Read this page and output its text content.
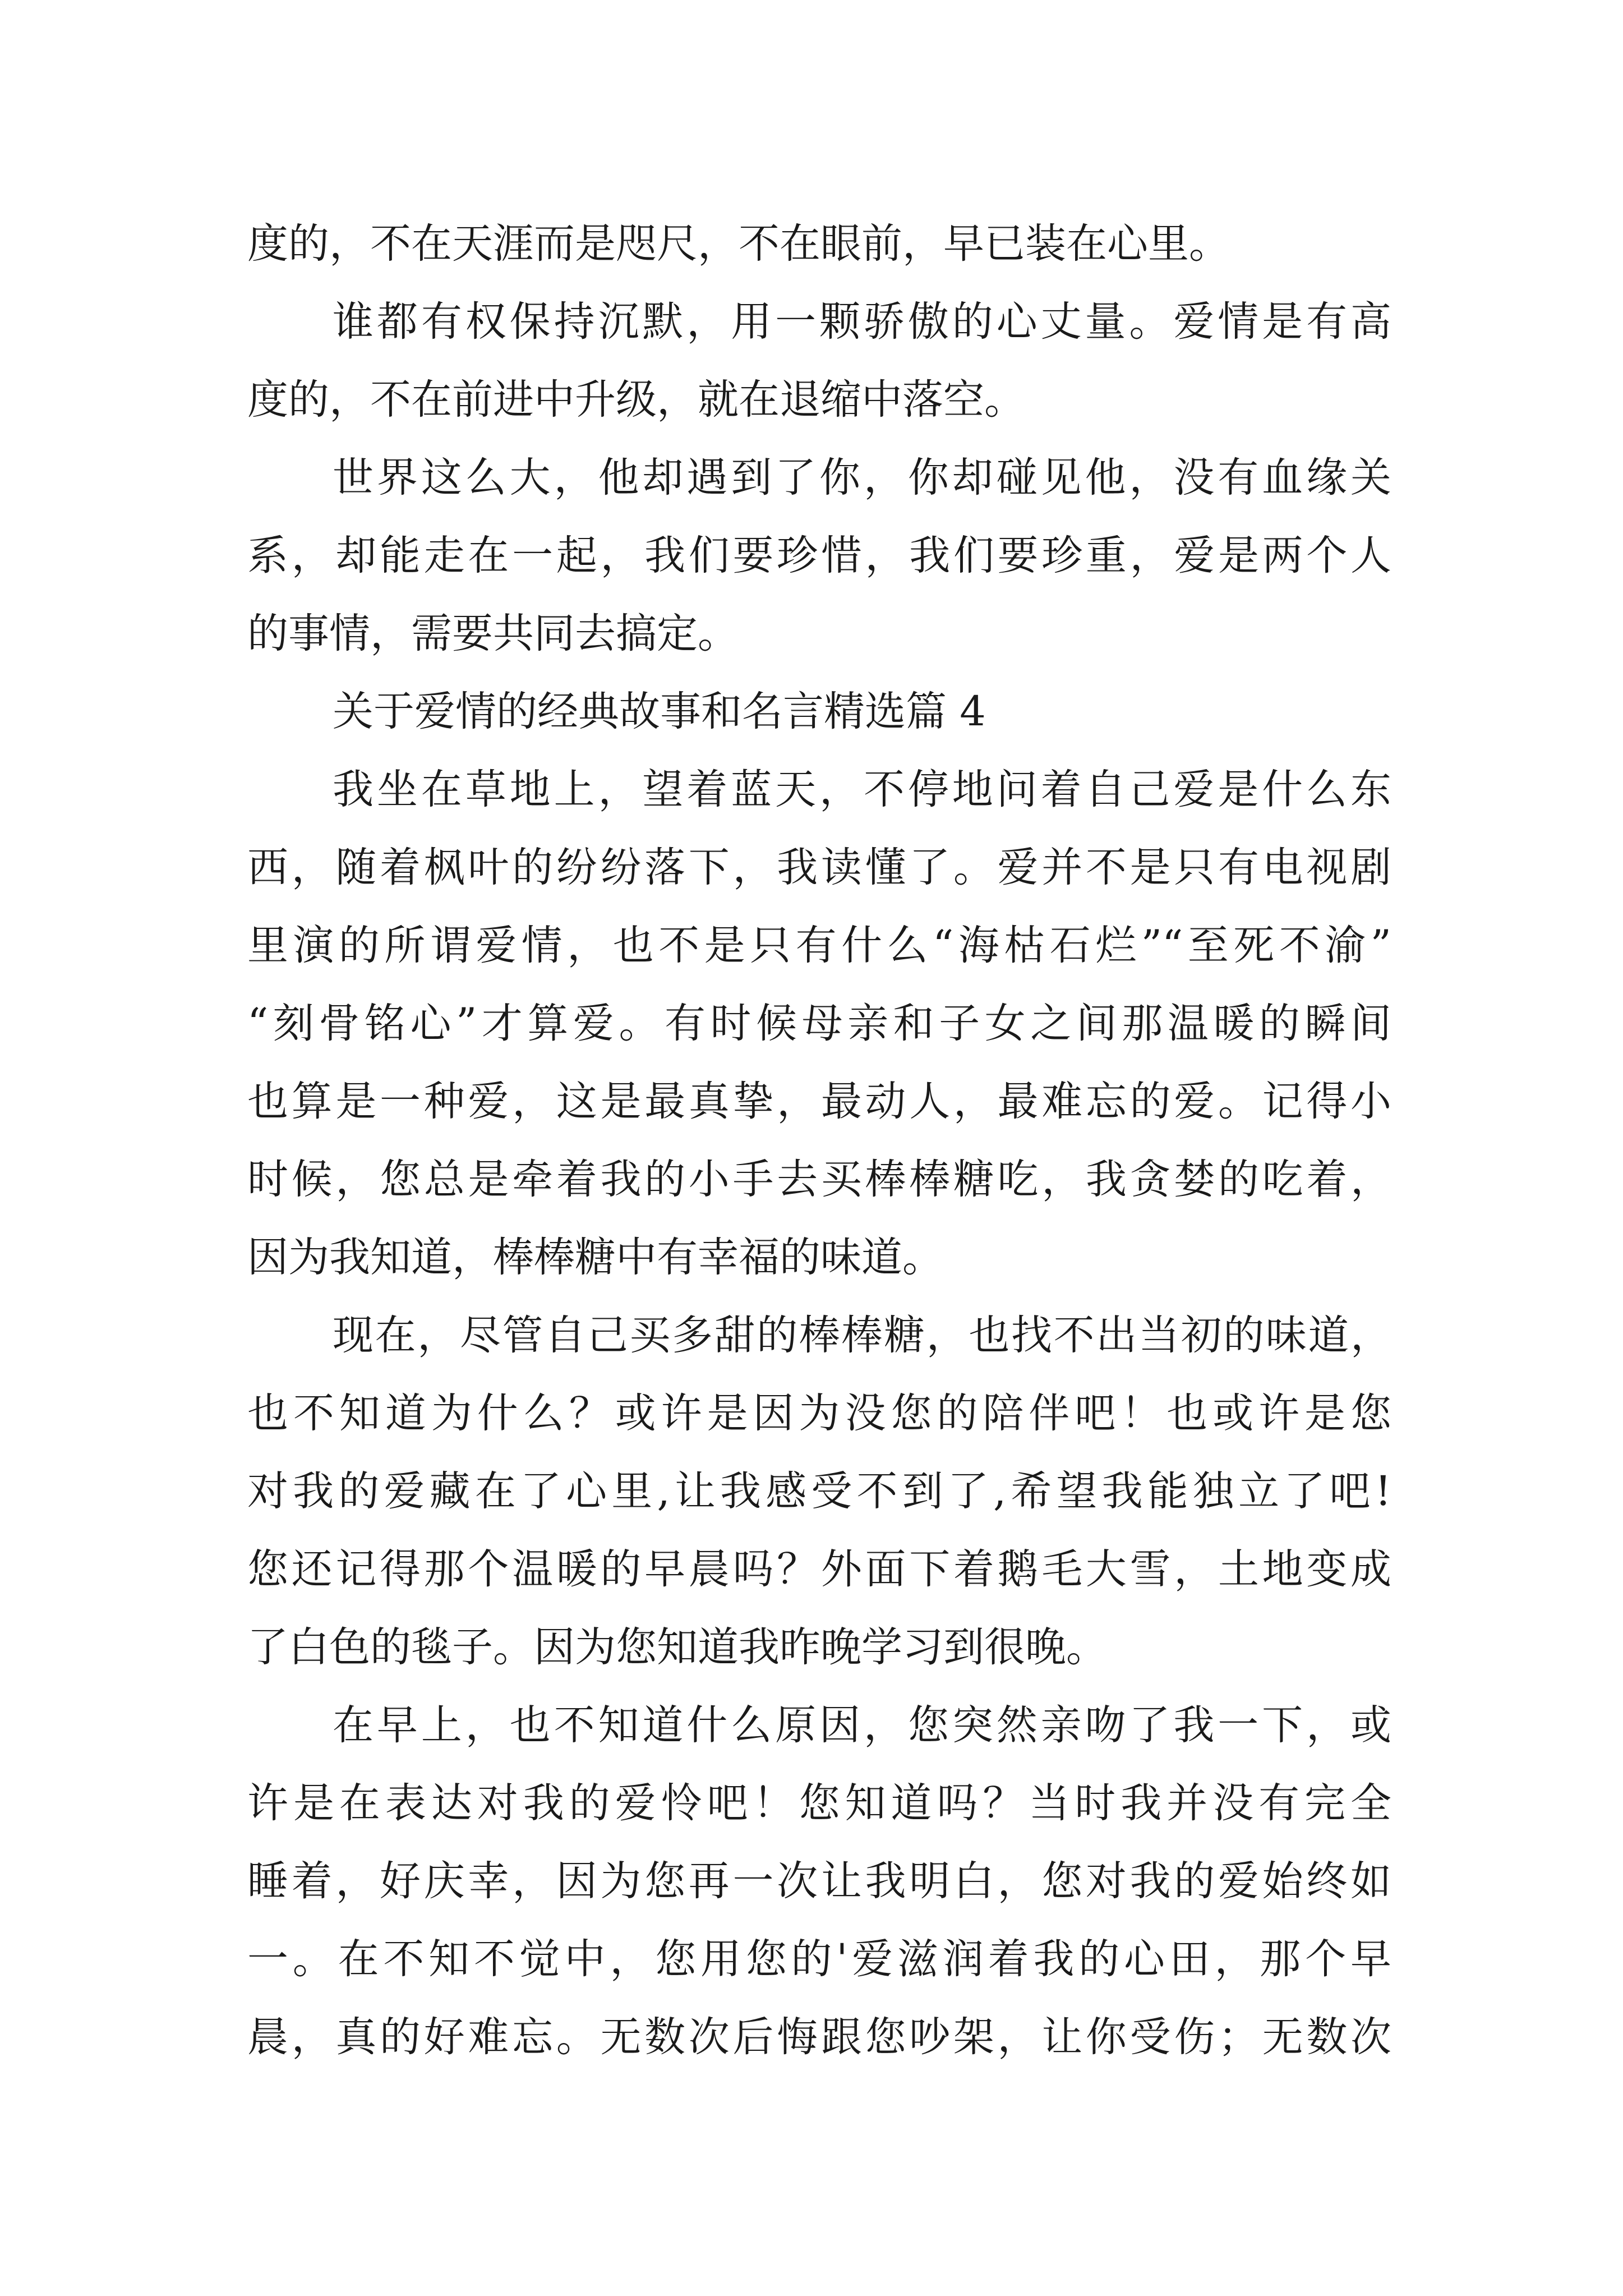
度的，不在天涯而是咫尺，不在眼前，早已装在心里。

谁都有权保持沉默，用一颗骄傲的心丈量。爱情是有高

度的，不在前进中升级，就在退缩中落空。

世界这么大，他却遇到了你，你却碰见他，没有血缘关

系，却能走在一起，我们要珍惜，我们要珍重，爱是两个人

的事情，需要共同去搞定。

关于爱情的经典故事和名言精选篇 4

我坐在草地上，望着蓝天，不停地问着自己爱是什么东

西，随着枫叶的纷纷落下，我读懂了。爱并不是只有电视剧

里演的所谓爱情，也不是只有什么“海枯石烂”“至死不渝”

“刻骨铭心”才算爱。有时候母亲和子女之间那温暖的瞬间

也算是一种爱，这是最真挚，最动人，最难忘的爱。记得小

时候，您总是牵着我的小手去买棒棒糖吃，我贪婪的吃着，

因为我知道，棒棒糖中有幸福的味道。

现在，尽管自己买多甜的棒棒糖，也找不出当初的味道，

也不知道为什么？或许是因为没您的陪伴吧！也或许是您

对我的爱藏在了心里,让我感受不到了,希望我能独立了吧!

您还记得那个温暖的早晨吗？外面下着鹅毛大雪，土地变成

了白色的毯子。因为您知道我昨晚学习到很晚。

在早上，也不知道什么原因，您突然亲吻了我一下，或

许是在表达对我的爱怜吧！您知道吗？当时我并没有完全

睡着，好庆幸，因为您再一次让我明白，您对我的爱始终如

一。在不知不觉中，您用您的'爱滋润着我的心田，那个早

晨，真的好难忘。无数次后悔跟您吵架，让你受伤；无数次
